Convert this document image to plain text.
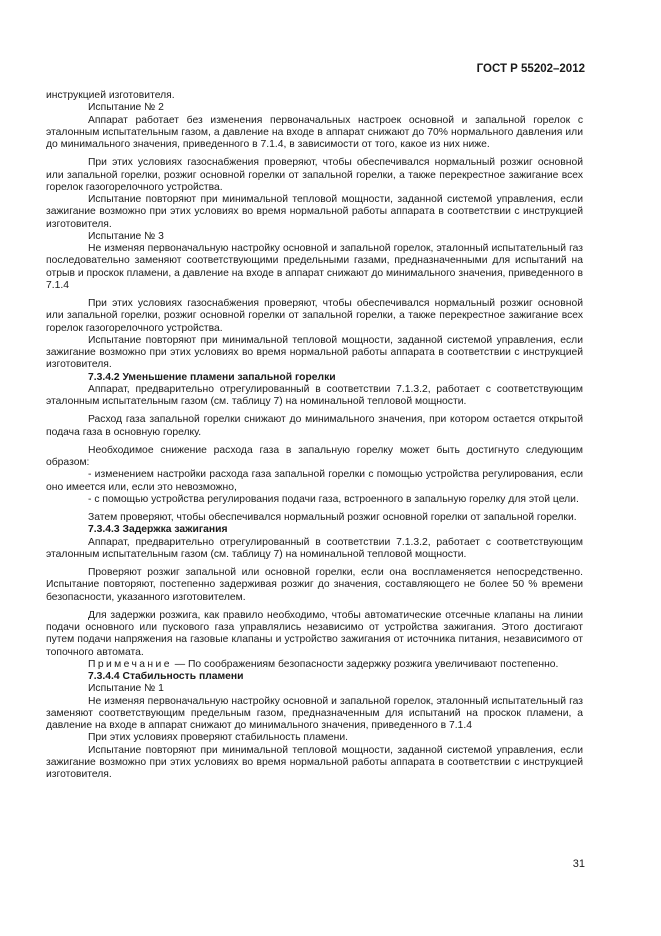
ГОСТ Р 55202–2012

инструкцией изготовителя.

Испытание № 2

Аппарат работает без изменения первоначальных настроек основной и запальной горелок с эталонным испытательным газом, а давление на входе в аппарат снижают до 70% нормального давления или до минимального значения, приведенного в 7.1.4, в зависимости от того, какое из них ниже.

При этих условиях газоснабжения проверяют, чтобы обеспечивался нормальный розжиг основной или запальной горелки, розжиг основной горелки от запальной горелки, а также перекрестное зажигание всех горелок газогорелочного устройства.

Испытание повторяют при минимальной тепловой мощности, заданной системой управления, если зажигание возможно при этих условиях во время нормальной работы аппарата в соответствии с инструкцией изготовителя.

Испытание № 3

Не изменяя первоначальную настройку основной и запальной горелок, эталонный испытательный газ последовательно заменяют соответствующими предельными газами, предназначенными для испытаний на отрыв и проскок пламени, а давление на входе в аппарат снижают до минимального значения, приведенного в 7.1.4

При этих условиях газоснабжения проверяют, чтобы обеспечивался нормальный розжиг основной или запальной горелки, розжиг основной горелки от запальной горелки, а также перекрестное зажигание всех горелок газогорелочного устройства.

Испытание повторяют при минимальной тепловой мощности, заданной системой управления, если зажигание возможно при этих условиях во время нормальной работы аппарата в соответствии с инструкцией изготовителя.

7.3.4.2 Уменьшение пламени запальной горелки

Аппарат, предварительно отрегулированный в соответствии 7.1.3.2, работает с соответствующим эталонным испытательным газом (см. таблицу 7) на номинальной тепловой мощности.

Расход газа запальной горелки снижают до минимального значения, при котором остается открытой подача газа в основную горелку.

Необходимое снижение расхода газа в запальную горелку может быть достигнуто следующим образом:

- изменением настройки расхода газа запальной горелки с помощью устройства регулирования, если оно имеется или, если это невозможно,

- с помощью устройства регулирования подачи газа, встроенного в запальную горелку для этой цели.

Затем проверяют, чтобы обеспечивался нормальный розжиг основной горелки от запальной горелки.

7.3.4.3 Задержка зажигания

Аппарат, предварительно отрегулированный в соответствии 7.1.3.2, работает с соответствующим эталонным испытательным газом (см. таблицу 7) на номинальной тепловой мощности.

Проверяют розжиг запальной или основной горелки, если она воспламеняется непосредственно. Испытание повторяют, постепенно задерживая розжиг до значения, составляющего не более 50 % времени безопасности, указанного изготовителем.

Для задержки розжига, как правило необходимо, чтобы автоматические отсечные клапаны на линии подачи основного или пускового газа управлялись независимо от устройства зажигания. Этого достигают путем подачи напряжения на газовые клапаны и устройство зажигания от источника питания, независимого от топочного автомата.

Примечание — По соображениям безопасности задержку розжига увеличивают постепенно.

7.3.4.4 Стабильность пламени

Испытание № 1

Не изменяя первоначальную настройку основной и запальной горелок, эталонный испытательный газ заменяют соответствующим предельным газом, предназначенным для испытаний на проскок пламени, а давление на входе в аппарат снижают до минимального значения, приведенного в 7.1.4

При этих условиях проверяют стабильность пламени.

Испытание повторяют при минимальной тепловой мощности, заданной системой управления, если зажигание возможно при этих условиях во время нормальной работы аппарата в соответствии с инструкцией изготовителя.

31
